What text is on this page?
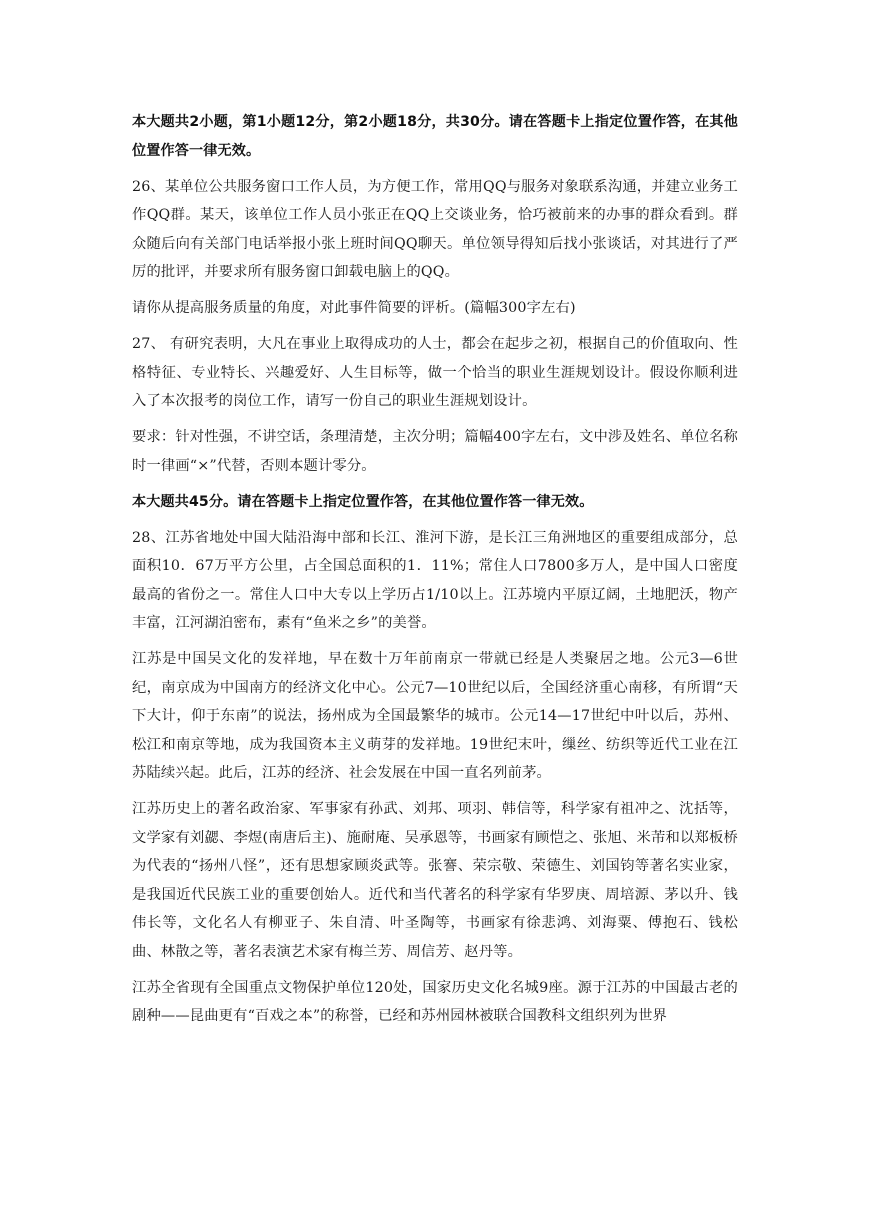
本大题共2小题，第1小题12分，第2小题18分，共30分。请在答题卡上指定位置作答，在其他位置作答一律无效。

26、某单位公共服务窗口工作人员，为方便工作，常用QQ与服务对象联系沟通，并建立业务工作QQ群。某天，该单位工作人员小张正在QQ上交谈业务，恰巧被前来的办事的群众看到。群众随后向有关部门电话举报小张上班时间QQ聊天。单位领导得知后找小张谈话，对其进行了严厉的批评，并要求所有服务窗口卸载电脑上的QQ。

请你从提高服务质量的角度，对此事件简要的评析。(篇幅300字左右)

27、 有研究表明，大凡在事业上取得成功的人士，都会在起步之初，根据自己的价值取向、性格特征、专业特长、兴趣爱好、人生目标等，做一个恰当的职业生涯规划设计。假设你顺利进入了本次报考的岗位工作，请写一份自己的职业生涯规划设计。

要求：针对性强，不讲空话，条理清楚，主次分明；篇幅400字左右，文中涉及姓名、单位名称时一律画“×”代替，否则本题计零分。

本大题共45分。请在答题卡上指定位置作答，在其他位置作答一律无效。

28、江苏省地处中国大陆沿海中部和长江、淮河下游，是长江三角洲地区的重要组成部分，总面积10．67万平方公里，占全国总面积的1．11%；常住人口7800多万人，是中国人口密度最高的省份之一。常住人口中大专以上学历占1/10以上。江苏境内平原辽阔，土地肥沃，物产丰富，江河湖泊密布，素有“鱼米之乡”的美誉。

江苏是中国吴文化的发祥地，早在数十万年前南京一带就已经是人类聚居之地。公元3—6世纪，南京成为中国南方的经济文化中心。公元7—10世纪以后，全国经济重心南移，有所谓“天下大计，仰于东南”的说法，扬州成为全国最繁华的城市。公元14—17世纪中叶以后，苏州、松江和南京等地，成为我国资本主义萌芽的发祥地。19世纪末叶，缫丝、纺织等近代工业在江苏陆续兴起。此后，江苏的经济、社会发展在中国一直名列前茅。

江苏历史上的著名政治家、军事家有孙武、刘邦、项羽、韩信等，科学家有祖冲之、沈括等，文学家有刘勰、李煜(南唐后主)、施耐庵、吴承恩等，书画家有顾恺之、张旭、米芾和以郑板桥为代表的“扬州八怪”，还有思想家顾炎武等。张謇、荣宗敬、荣德生、刘国钧等著名实业家，是我国近代民族工业的重要创始人。近代和当代著名的科学家有华罗庚、周培源、茅以升、钱伟长等，文化名人有柳亚子、朱自清、叶圣陶等，书画家有徐悲鸿、刘海粟、傅抱石、钱松曲、林散之等，著名表演艺术家有梅兰芳、周信芳、赵丹等。

江苏全省现有全国重点文物保护单位120处，国家历史文化名城9座。源于江苏的中国最古老的剧种——昆曲更有“百戏之本”的称誉，已经和苏州园林被联合国教科文组织列为世界
